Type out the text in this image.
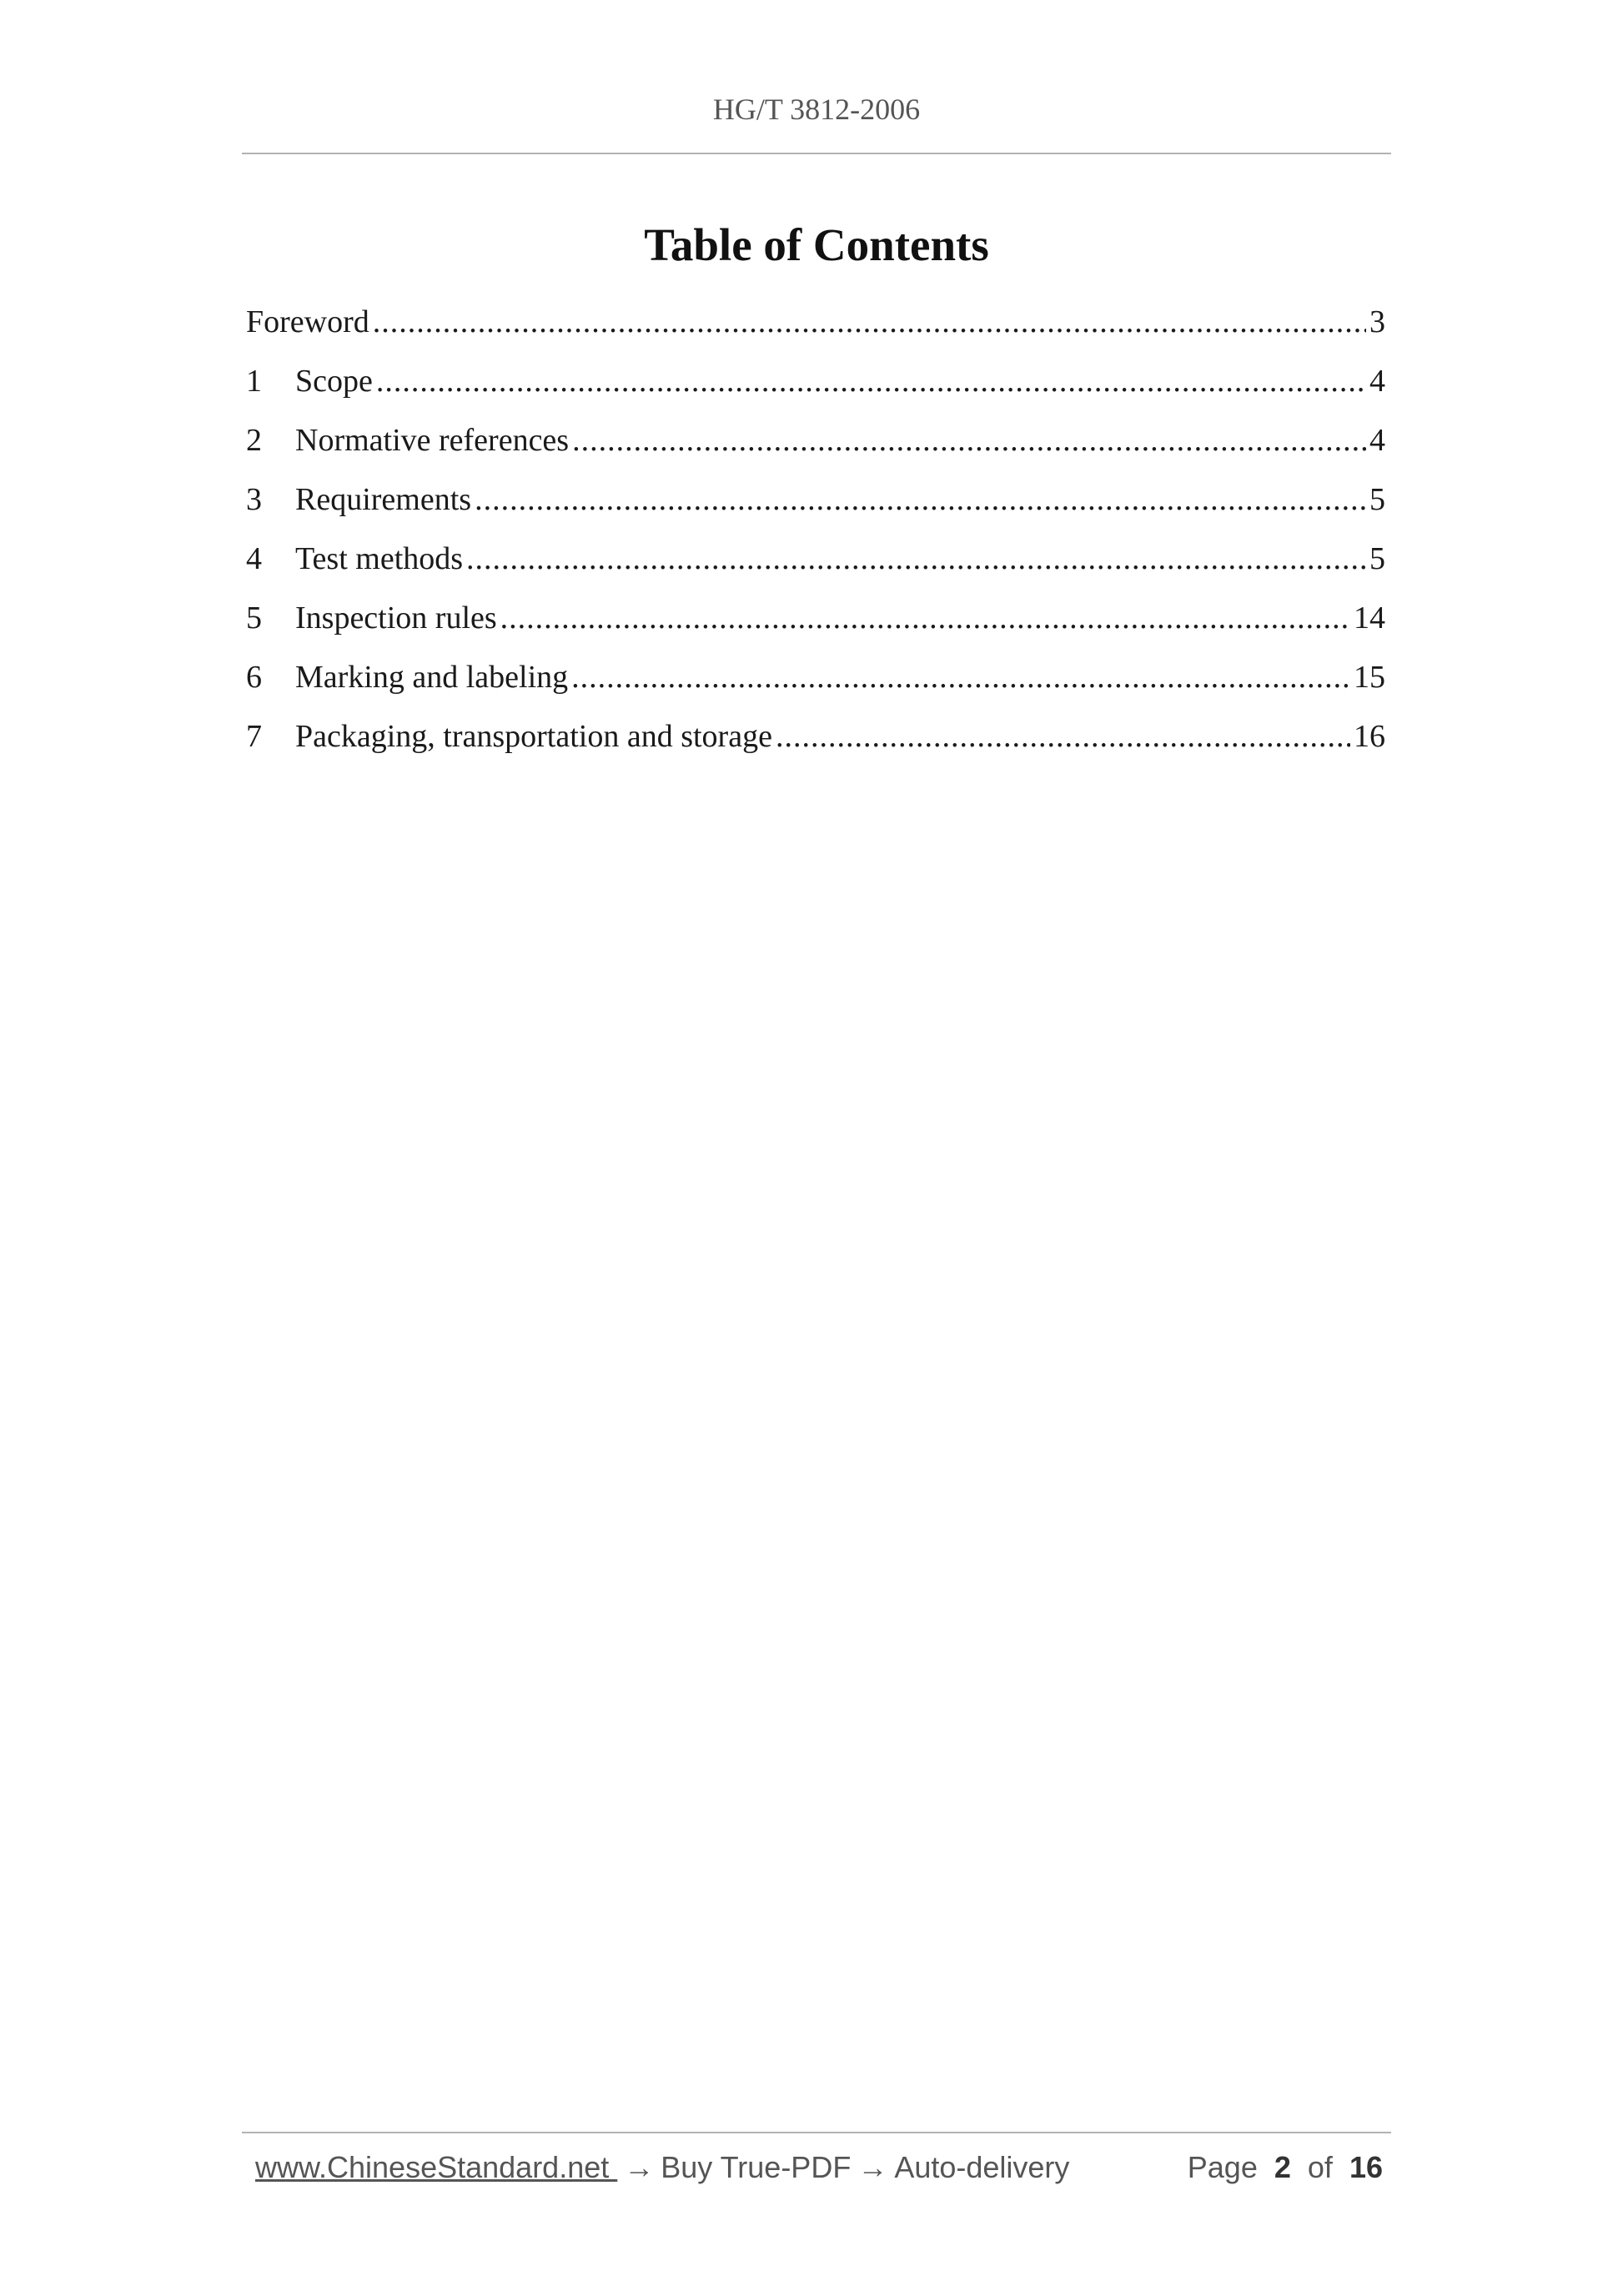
HG/T 3812-2006
Table of Contents
Foreword .....	3
1	Scope .....	4
2	Normative references .....	4
3	Requirements .....	5
4	Test methods .....	5
5	Inspection rules .....	14
6	Marking and labeling .....	15
7	Packaging, transportation and storage .....	16
www.ChineseStandard.net → Buy True-PDF → Auto-delivery	Page 2 of 16
